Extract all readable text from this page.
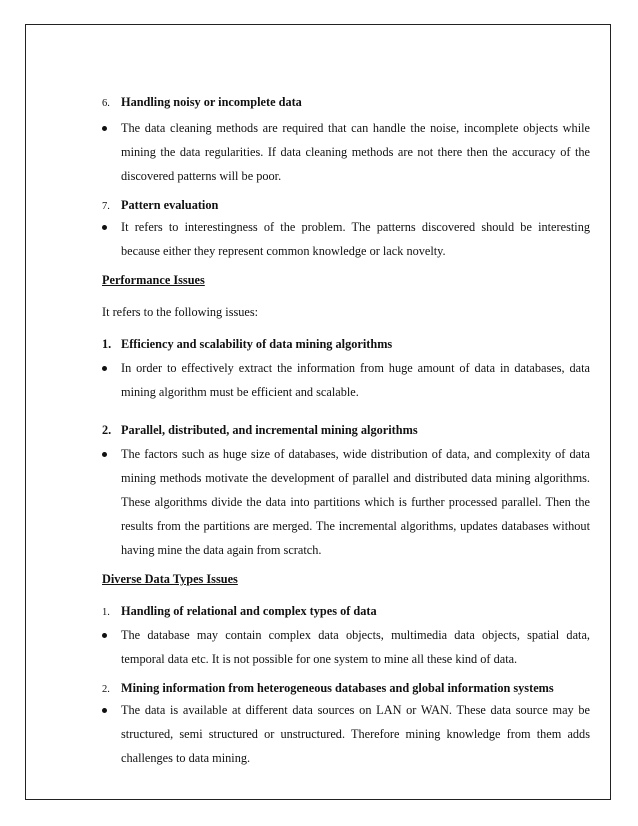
6. Handling noisy or incomplete data

The data cleaning methods are required that can handle the noise, incomplete objects while mining the data regularities. If data cleaning methods are not there then the accuracy of the discovered patterns will be poor.

7. Pattern evaluation

It refers to interestingness of the problem. The patterns discovered should be interesting because either they represent common knowledge or lack novelty.

Performance Issues

It refers to the following issues:

1. Efficiency and scalability of data mining algorithms

In order to effectively extract the information from huge amount of data in databases, data mining algorithm must be efficient and scalable.

2. Parallel, distributed, and incremental mining algorithms

The factors such as huge size of databases, wide distribution of data, and complexity of data mining methods motivate the development of parallel and distributed data mining algorithms. These algorithms divide the data into partitions which is further processed parallel. Then the results from the partitions are merged. The incremental algorithms, updates databases without having mine the data again from scratch.

Diverse Data Types Issues

1. Handling of relational and complex types of data

The database may contain complex data objects, multimedia data objects, spatial data, temporal data etc. It is not possible for one system to mine all these kind of data.

2. Mining information from heterogeneous databases and global information systems

The data is available at different data sources on LAN or WAN. These data source may be structured, semi structured or unstructured. Therefore mining knowledge from them adds challenges to data mining.
